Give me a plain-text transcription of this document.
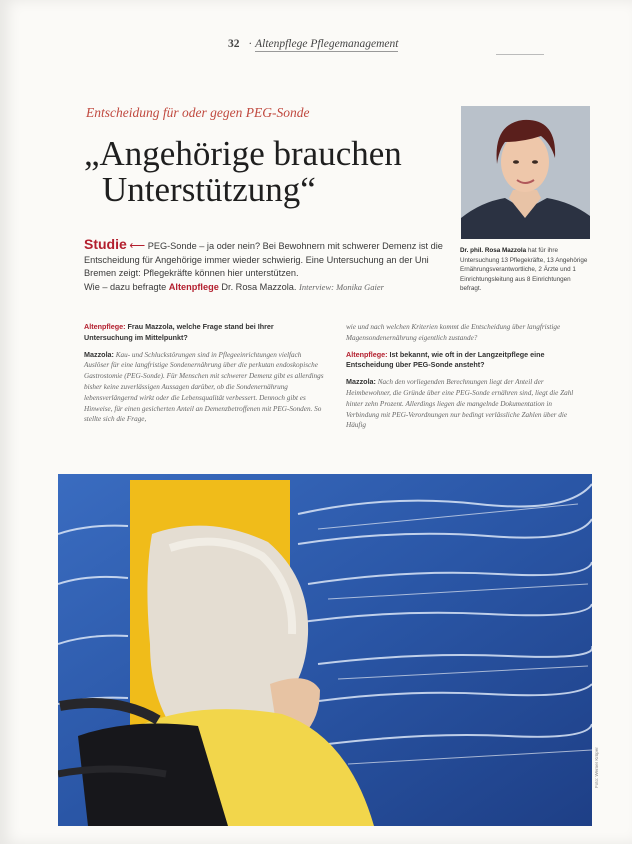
32 · Altenpflege Pflegemanagement
Entscheidung für oder gegen PEG-Sonde
„Angehörige brauchen
Unterstützung“
Dr. phil. Rosa Mazzola hat für ihre Untersuchung 13 Pflegekräfte, 13 Angehörige Ernährungsverantwortliche, 2 Ärzte und 1 Einrichtungsleitung aus 8 Einrichtungen befragt.
Studie ⟵ PEG-Sonde – ja oder nein? Bei Bewohnern mit schwerer Demenz ist die Entscheidung für Angehörige immer wieder schwierig. Eine Untersuchung an der Uni Bremen zeigt: Pflegekräfte können hier unterstützen.
Wie – dazu befragte Altenpflege Dr. Rosa Mazzola. Interview: Monika Gaier

Altenpflege: Frau Mazzola, welche Frage stand bei Ihrer Untersuchung im Mittelpunkt?

Mazzola: Kau- und Schluckstörungen sind in Pflegeeinrichtungen vielfach Auslöser für eine langfristige Sondenernährung über die perkutan endoskopische Gastrostomie (PEG-Sonde). Für Menschen mit schwerer Demenz gibt es allerdings bisher keine zuverlässigen Aussagen darüber, ob die Sondenernährung lebensverlängernd wirkt oder die Lebensqualität verbessert. Dennoch gibt es Hinweise, für einen gesicherten Anteil an Demenzbetroffenen mit PEG-Sonden. So stellte sich die Frage,

wie und nach welchen Kriterien kommt die Entscheidung über langfristige Magensondenernährung eigentlich zustande?

Altenpflege: Ist bekannt, wie oft in der Langzeitpflege eine Entscheidung über PEG-Sonde ansteht?

Mazzola: Nach den vorliegenden Berechnungen liegt der Anteil der Heimbewohner, die Gründe über eine PEG-Sonde ernähren sind, liegt die Zahl hinter zehn Prozent. Allerdings liegen die mangelnde Dokumentation in Verbindung mit PEG-Verordnungen nur bedingt verlässliche Zahlen über die Häufig

Foto: Werner Krüper
